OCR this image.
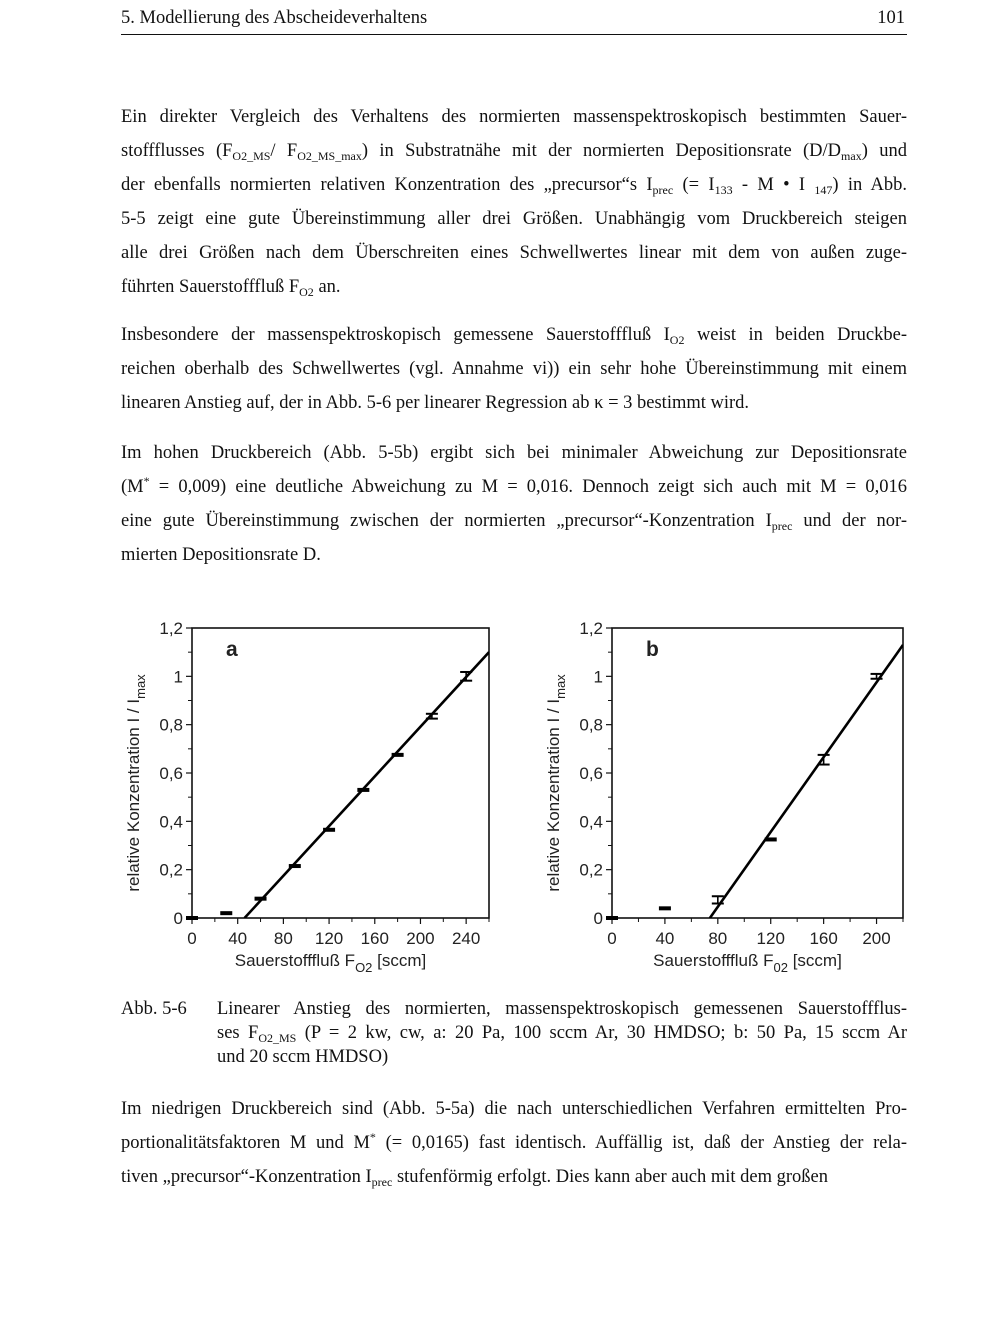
5. Modellierung des Abscheideverhaltens	101
Ein direkter Vergleich des Verhaltens des normierten massenspektroskopisch bestimmten Sauer-
stoffflusses ($F_{O2\_MS}/$ $F_{O2\_MS\_max}$) in Substratnähe mit der normierten Depositionsrate $(D/D_{max})$ und
der ebenfalls normierten relativen Konzentration des „precursor“s $I_{prec}$ (= $I_{133}$ - M • I $_{147}$) in Abb.
5-5 zeigt eine gute Übereinstimmung aller drei Größen. Unabhängig vom Druckbereich steigen
alle drei Größen nach dem Überschreiten eines Schwellwertes linear mit dem von außen zuge-
führten Sauerstofffluß $F_{O2}$ an.
Insbesondere der massenspektroskopisch gemessene Sauerstofffluß $I_{O2}$ weist in beiden Druckbe-
reichen oberhalb des Schwellwertes (vgl. Annahme vi)) ein sehr hohe Übereinstimmung mit einem
linearen Anstieg auf, der in Abb. 5-6 per linearer Regression ab κ = 3 bestimmt wird.
Im hohen Druckbereich (Abb. 5-5b) ergibt sich bei minimaler Abweichung zur Depositionsrate
(M* = 0,009) eine deutliche Abweichung zu M = 0,016. Dennoch zeigt sich auch mit M = 0,016
eine gute Übereinstimmung zwischen der normierten „precursor“-Konzentration $I_{prec}$ und der nor-
mierten Depositionsrate D.
0
0,2
0,4
0,6
0,8
1
1,2
0 40 80 120 160 200 240
Sauerstofffluß $F_{O2}$ [sccm]
relative Konzentration I / $I_{max}$
a
0
0,2
0,4
0,6
0,8
1
1,2
0 40 80 120 160 200
Sauerstofffluß $F_{02}$ [sccm]
relative Konzentration I / $I_{max}$
b
Abb. 5-6 Linearer Anstieg des normierten, massenspektroskopisch gemessenen Sauerstoffflus-
ses $F_{O2\_MS}$ (P = 2 kw, cw, a: 20 Pa, 100 sccm Ar, 30 HMDSO; b: 50 Pa, 15 sccm Ar
und 20 sccm HMDSO)
Im niedrigen Druckbereich sind (Abb. 5-5a) die nach unterschiedlichen Verfahren ermittelten Pro-
portionalitätsfaktoren M und M* (= 0,0165) fast identisch. Auffällig ist, daß der Anstieg der rela-
tiven „precursor“-Konzentration $I_{prec}$ stufenförmig erfolgt. Dies kann aber auch mit dem großen
